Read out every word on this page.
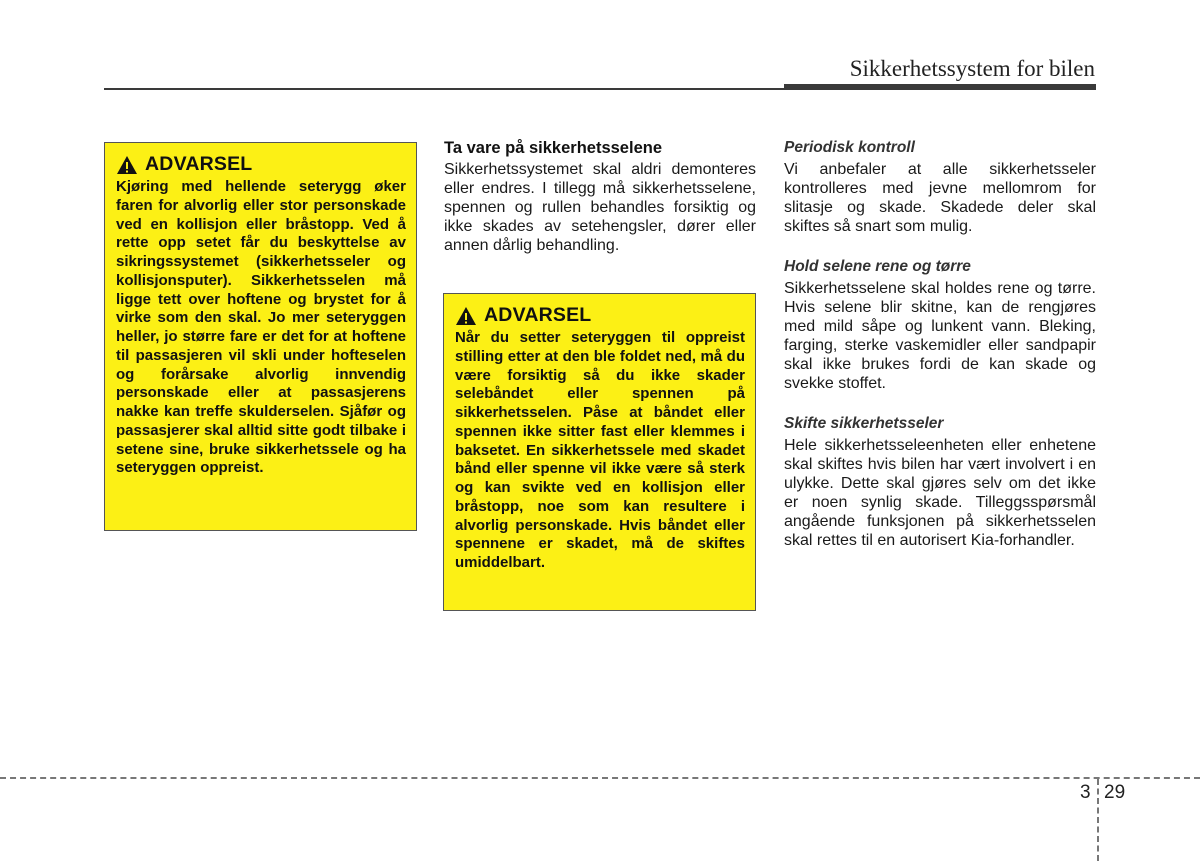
Sikkerhetssystem for bilen
ADVARSEL

Kjøring med hellende seterygg øker faren for alvorlig eller stor personskade ved en kollisjon eller bråstopp. Ved å rette opp setet får du beskyttelse av sikringssystemet (sikkerhetsseler og kollisjonsputer). Sikkerhetsselen må ligge tett over hoftene og brystet for å virke som den skal. Jo mer seteryggen heller, jo større fare er det for at hoftene til passasjeren vil skli under hofteselen og forårsake alvorlig innvendig personskade eller at passasjerens nakke kan treffe skulderselen. Sjåfør og passasjerer skal alltid sitte godt tilbake i setene sine, bruke sikkerhetssele og ha seteryggen oppreist.

Ta vare på sikkerhetsselene

Sikkerhetssystemet skal aldri demonteres eller endres. I tillegg må sikkerhetsselene, spennen og rullen behandles forsiktig og ikke skades av setehengsler, dører eller annen dårlig behandling.

ADVARSEL

Når du setter seteryggen til oppreist stilling etter at den ble foldet ned, må du være forsiktig så du ikke skader selebåndet eller spennen på sikkerhetsselen. Påse at båndet eller spennen ikke sitter fast eller klemmes i baksetet. En sikkerhetssele med skadet bånd eller spenne vil ikke være så sterk og kan svikte ved en kollisjon eller bråstopp, noe som kan resultere i alvorlig personskade. Hvis båndet eller spennene er skadet, må de skiftes umiddelbart.

Periodisk kontroll

Vi anbefaler at alle sikkerhetsseler kontrolleres med jevne mellomrom for slitasje og skade. Skadede deler skal skiftes så snart som mulig.

Hold selene rene og tørre

Sikkerhetsselene skal holdes rene og tørre. Hvis selene blir skitne, kan de rengjøres med mild såpe og lunkent vann. Bleking, farging, sterke vaskemidler eller sandpapir skal ikke brukes fordi de kan skade og svekke stoffet.

Skifte sikkerhetsseler

Hele sikkerhetsseleenheten eller enhetene skal skiftes hvis bilen har vært involvert i en ulykke. Dette skal gjøres selv om det ikke er noen synlig skade. Tilleggsspørsmål angående funksjonen på sikkerhetsselen skal rettes til en autorisert Kia-forhandler.

3 29
